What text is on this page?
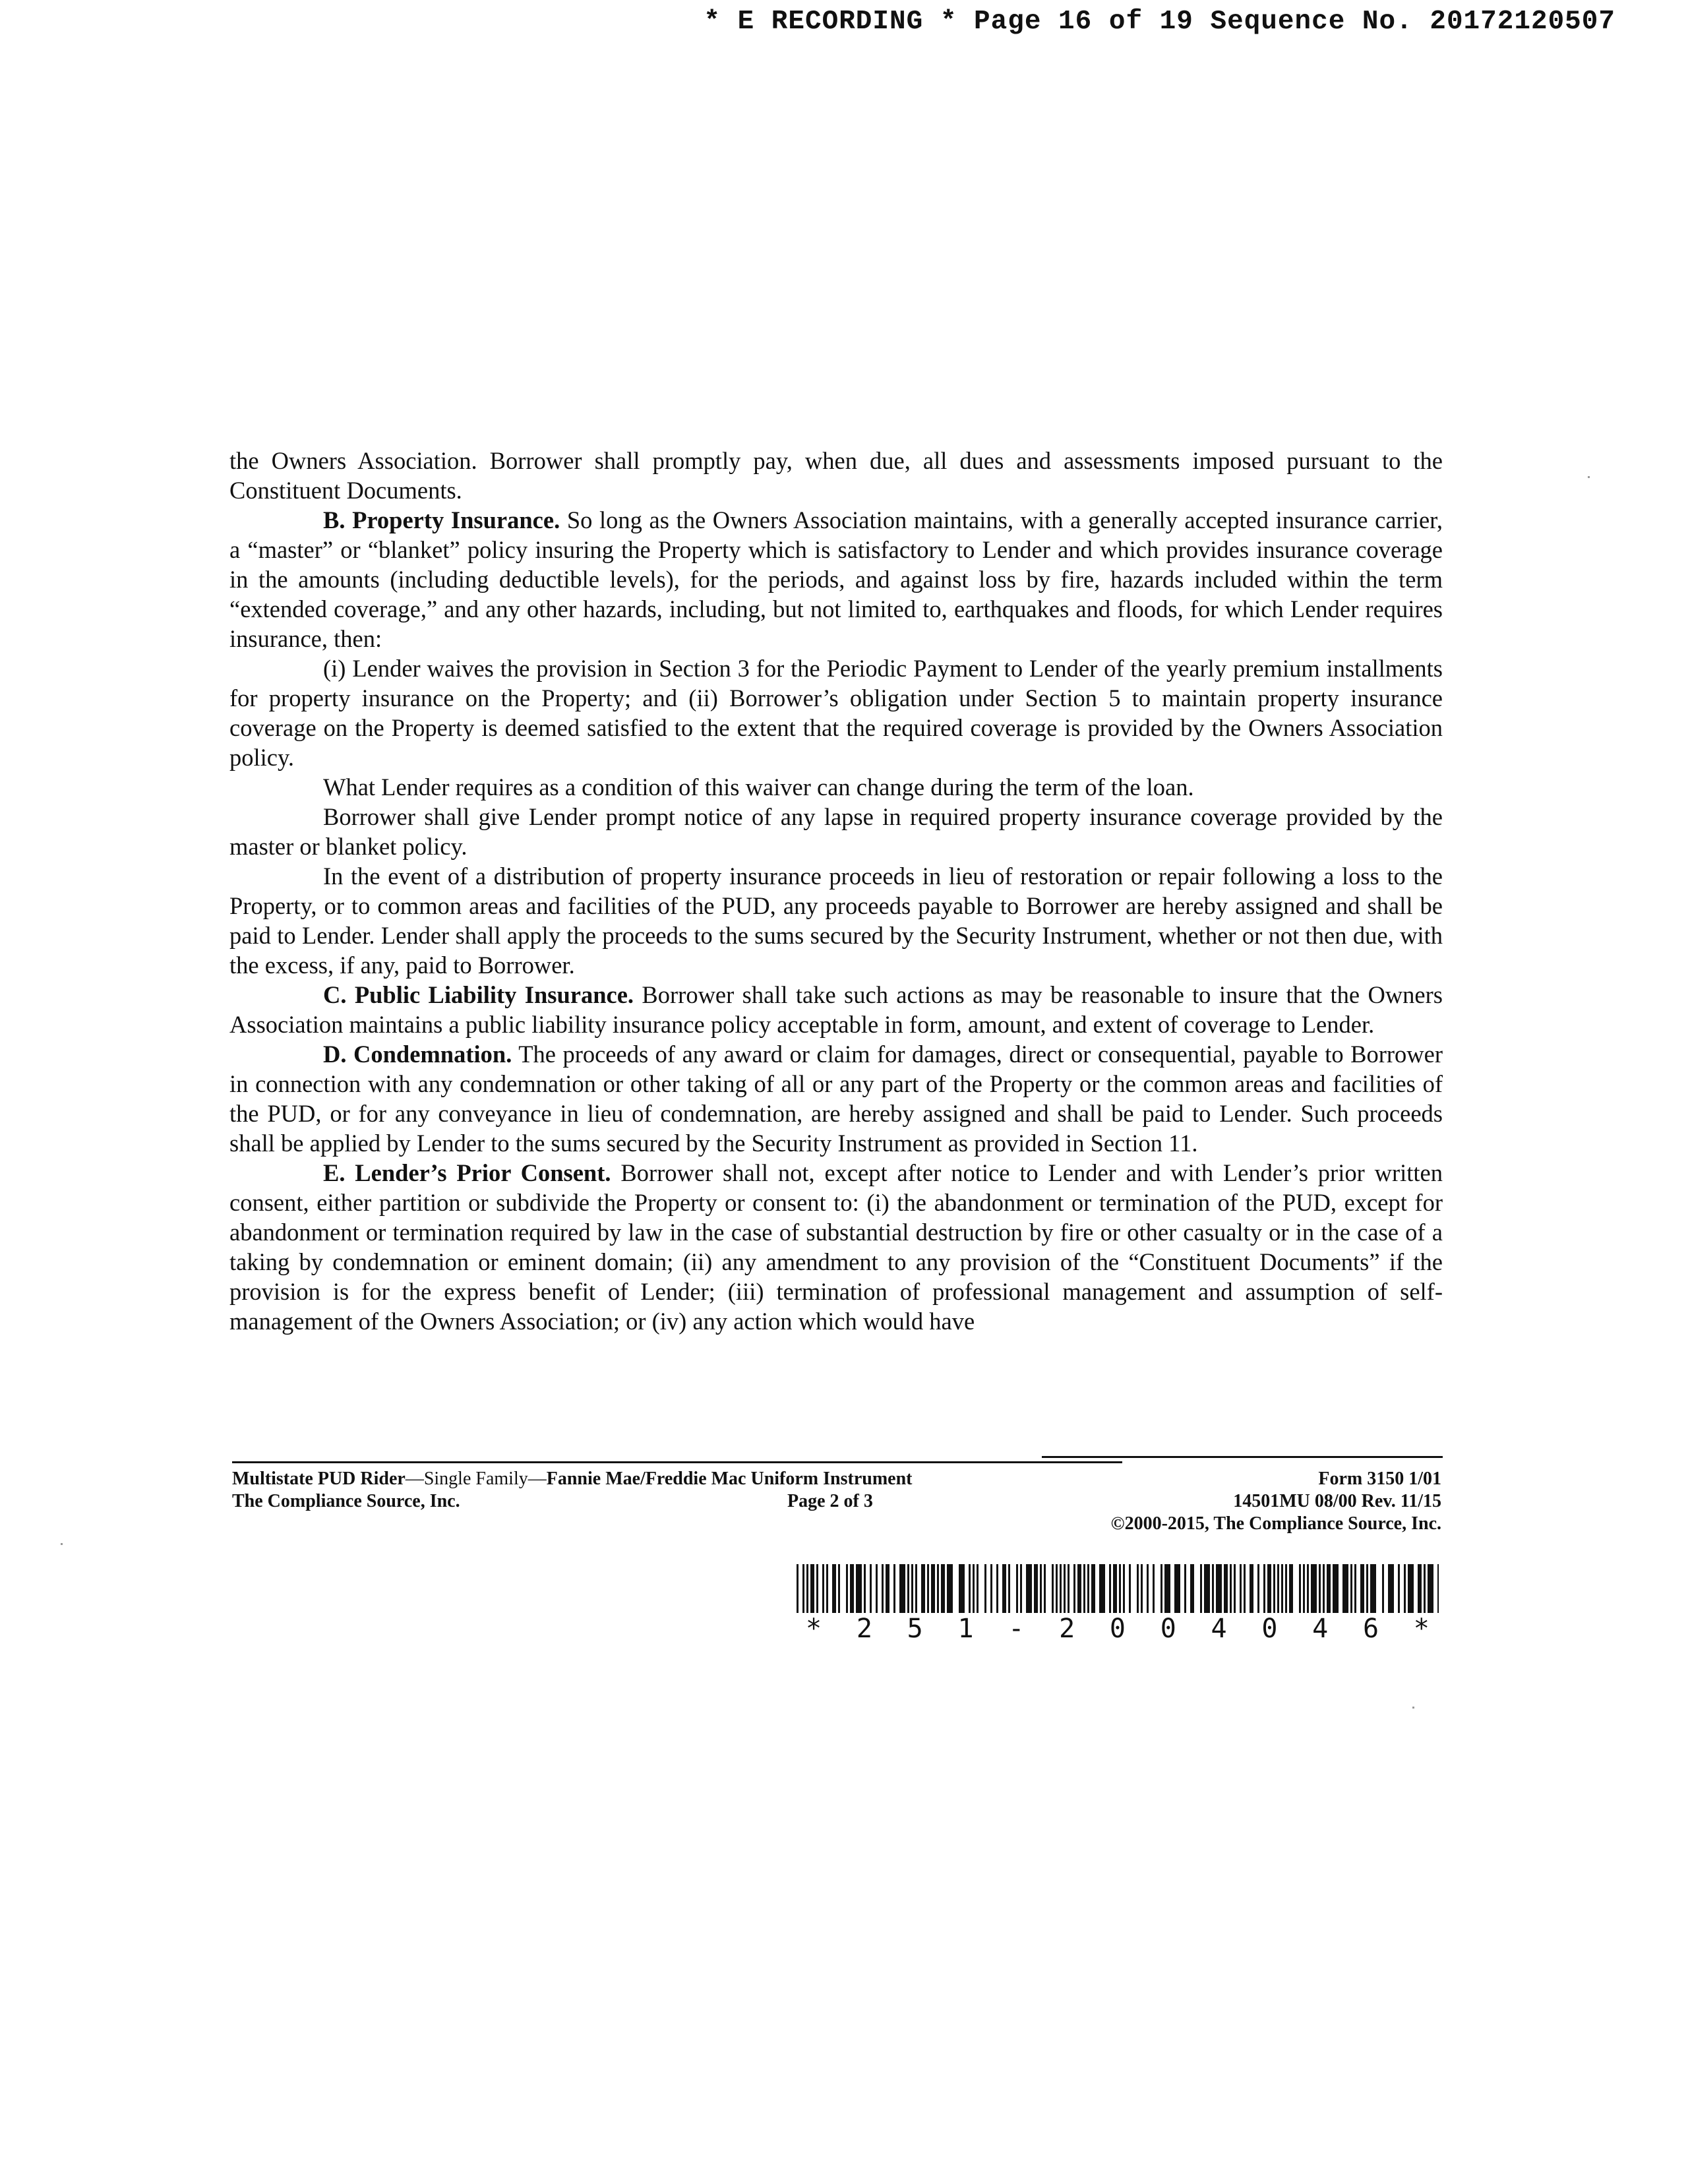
* E RECORDING * Page 16 of 19 Sequence No. 20172120507

the Owners Association. Borrower shall promptly pay, when due, all dues and assessments imposed pursuant to the Constituent Documents.

B. Property Insurance. So long as the Owners Association maintains, with a generally accepted insurance carrier, a “master” or “blanket” policy insuring the Property which is satisfactory to Lender and which provides insurance coverage in the amounts (including deductible levels), for the periods, and against loss by fire, hazards included within the term “extended coverage,” and any other hazards, including, but not limited to, earthquakes and floods, for which Lender requires insurance, then:

(i) Lender waives the provision in Section 3 for the Periodic Payment to Lender of the yearly premium installments for property insurance on the Property; and (ii) Borrower’s obligation under Section 5 to maintain property insurance coverage on the Property is deemed satisfied to the extent that the required coverage is provided by the Owners Association policy.

What Lender requires as a condition of this waiver can change during the term of the loan.

Borrower shall give Lender prompt notice of any lapse in required property insurance coverage provided by the master or blanket policy.

In the event of a distribution of property insurance proceeds in lieu of restoration or repair following a loss to the Property, or to common areas and facilities of the PUD, any proceeds payable to Borrower are hereby assigned and shall be paid to Lender. Lender shall apply the proceeds to the sums secured by the Security Instrument, whether or not then due, with the excess, if any, paid to Borrower.

C. Public Liability Insurance. Borrower shall take such actions as may be reasonable to insure that the Owners Association maintains a public liability insurance policy acceptable in form, amount, and extent of coverage to Lender.

D. Condemnation. The proceeds of any award or claim for damages, direct or consequential, payable to Borrower in connection with any condemnation or other taking of all or any part of the Property or the common areas and facilities of the PUD, or for any conveyance in lieu of condemnation, are hereby assigned and shall be paid to Lender. Such proceeds shall be applied by Lender to the sums secured by the Security Instrument as provided in Section 11.

E. Lender’s Prior Consent. Borrower shall not, except after notice to Lender and with Lender’s prior written consent, either partition or subdivide the Property or consent to: (i) the abandonment or termination of the PUD, except for abandonment or termination required by law in the case of substantial destruction by fire or other casualty or in the case of a taking by condemnation or eminent domain; (ii) any amendment to any provision of the “Constituent Documents” if the provision is for the express benefit of Lender; (iii) termination of professional management and assumption of self-management of the Owners Association; or (iv) any action which would have

Multistate PUD Rider—Single Family—Fannie Mae/Freddie Mac Uniform Instrument
The Compliance Source, Inc.	Page 2 of 3
Form 3150 1/01
14501MU 08/00 Rev. 11/15
©2000-2015, The Compliance Source, Inc.
* 2 5 1 - 2 0 0 4 0 4 6 *
